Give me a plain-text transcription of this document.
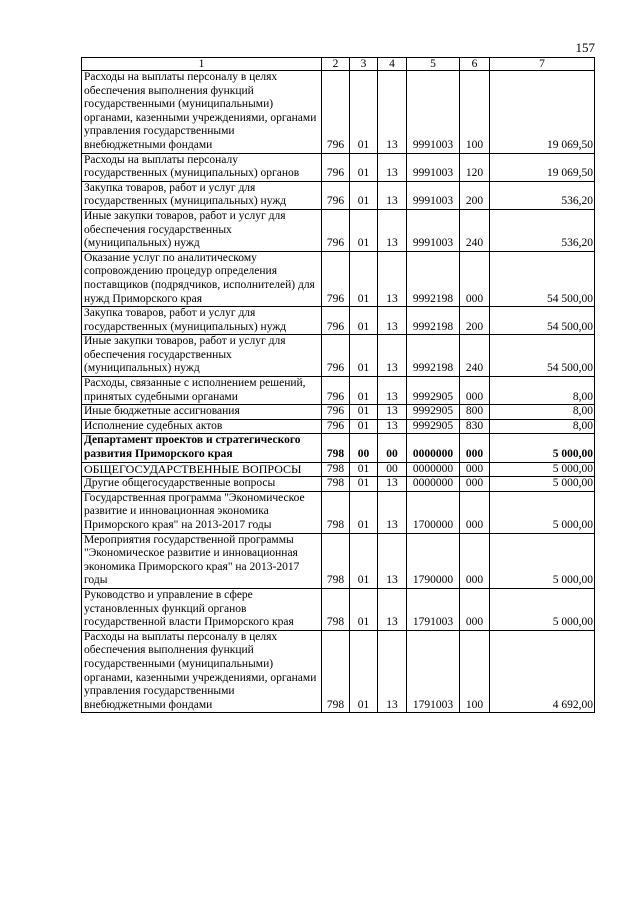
157
1	2	3	4	5	6	7
Расходы на выплаты персоналу в целях обеспечения выполнения функций государственными (муниципальными) органами, казенными учреждениями, органами управления государственными внебюджетными фондами	796	01	13	9991003	100	19 069,50
Расходы на выплаты персоналу государственных (муниципальных) органов	796	01	13	9991003	120	19 069,50
Закупка товаров, работ и услуг для государственных (муниципальных) нужд	796	01	13	9991003	200	536,20
Иные закупки товаров, работ и услуг для обеспечения государственных (муниципальных) нужд	796	01	13	9991003	240	536,20
Оказание услуг по аналитическому сопровождению процедур определения поставщиков (подрядчиков, исполнителей) для нужд Приморского края	796	01	13	9992198	000	54 500,00
Закупка товаров, работ и услуг для государственных (муниципальных) нужд	796	01	13	9992198	200	54 500,00
Иные закупки товаров, работ и услуг для обеспечения государственных (муниципальных) нужд	796	01	13	9992198	240	54 500,00
Расходы, связанные с исполнением решений, принятых судебными органами	796	01	13	9992905	000	8,00
Иные бюджетные ассигнования	796	01	13	9992905	800	8,00
Исполнение судебных актов	796	01	13	9992905	830	8,00
Департамент проектов и стратегического развития Приморского края	798	00	00	0000000	000	5 000,00
ОБЩЕГОСУДАРСТВЕННЫЕ ВОПРОСЫ	798	01	00	0000000	000	5 000,00
Другие общегосударственные вопросы	798	01	13	0000000	000	5 000,00
Государственная программа "Экономическое развитие и инновационная экономика Приморского края" на 2013-2017 годы	798	01	13	1700000	000	5 000,00
Мероприятия государственной программы "Экономическое развитие и инновационная экономика Приморского края" на 2013-2017 годы	798	01	13	1790000	000	5 000,00
Руководство и управление в сфере установленных функций органов государственной власти Приморского края	798	01	13	1791003	000	5 000,00
Расходы на выплаты персоналу в целях обеспечения выполнения функций государственными (муниципальными) органами, казенными учреждениями, органами управления государственными внебюджетными фондами	798	01	13	1791003	100	4 692,00
